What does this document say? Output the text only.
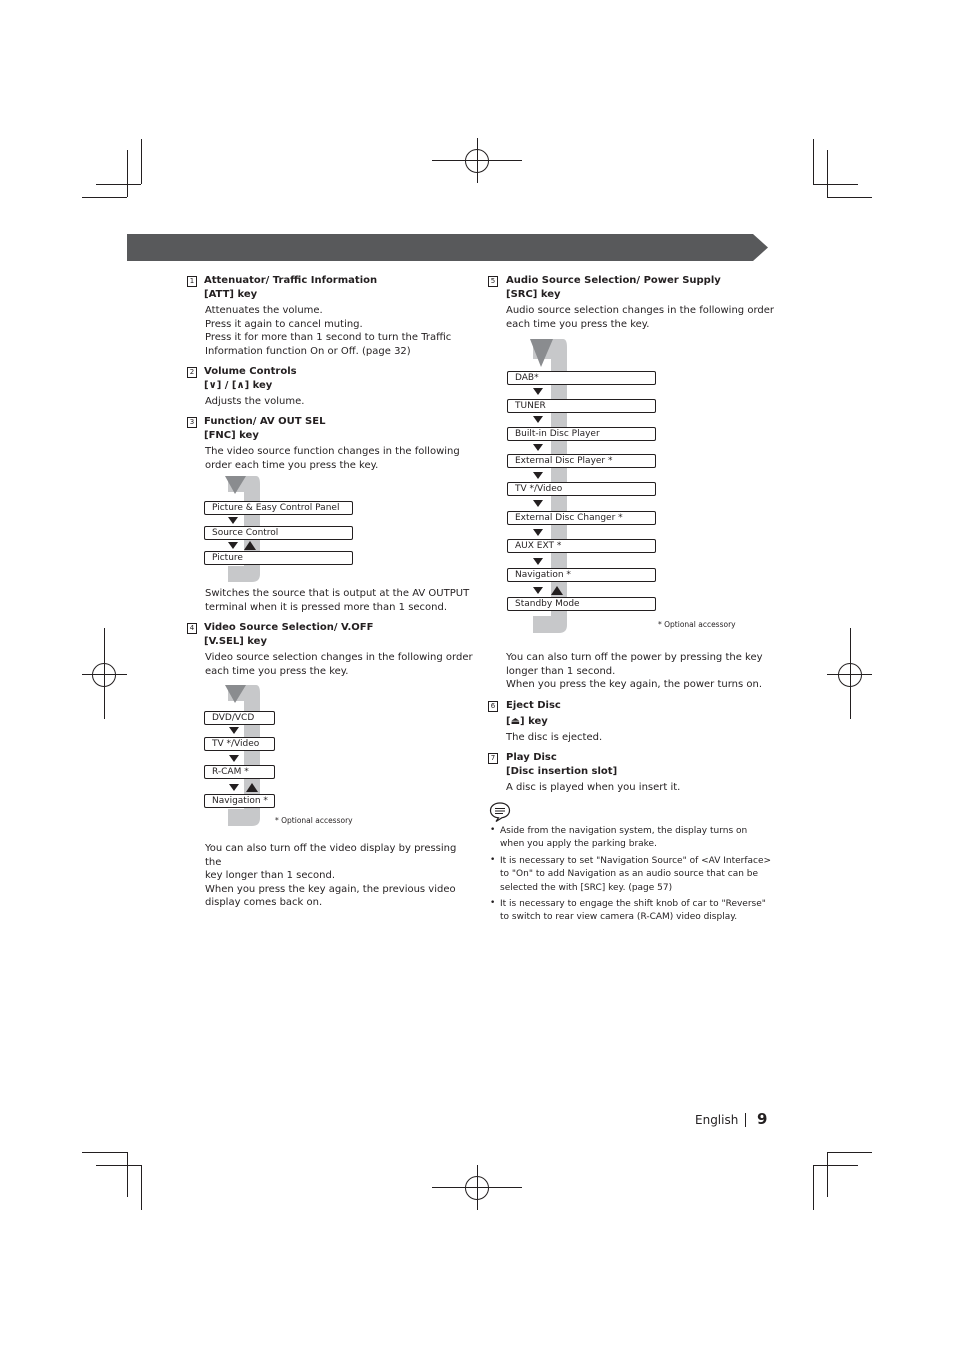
1 Attenuator/ Traffic Information
[ATT] key
Attenuates the volume.
Press it again to cancel muting.
Press it for more than 1 second to turn the Traffic
Information function On or Off. (page 32)
2 Volume Controls
[∨] / [∧] key
Adjusts the volume.
3 Function/ AV OUT SEL
[FNC] key
The video source function changes in the following
order each time you press the key.
Picture & Easy Control Panel
Source Control
Picture
Switches the source that is output at the AV OUTPUT
terminal when it is pressed more than 1 second.
4 Video Source Selection/ V.OFF
[V.SEL] key
Video source selection changes in the following order
each time you press the key.
DVD/VCD
TV */Video
R-CAM *
Navigation *
* Optional accessory
You can also turn off the video display by pressing the
key longer than 1 second.
When you press the key again, the previous video
display comes back on.
5 Audio Source Selection/ Power Supply
[SRC] key
Audio source selection changes in the following order
each time you press the key.
DAB*
TUNER
Built-in Disc Player
External Disc Player *
TV */Video
External Disc Changer *
AUX EXT *
Navigation *
Standby Mode
* Optional accessory
You can also turn off the power by pressing the key
longer than 1 second.
When you press the key again, the power turns on.
6 Eject Disc
[⏏] key
The disc is ejected.
7 Play Disc
[Disc insertion slot]
A disc is played when you insert it.
• Aside from the navigation system, the display turns on
when you apply the parking brake.
• It is necessary to set "Navigation Source" of <AV Interface>
to "On" to add Navigation as an audio source that can be
selected the with [SRC] key. (page 57)
• It is necessary to engage the shift knob of car to "Reverse"
to switch to rear view camera (R-CAM) video display.
English 9
